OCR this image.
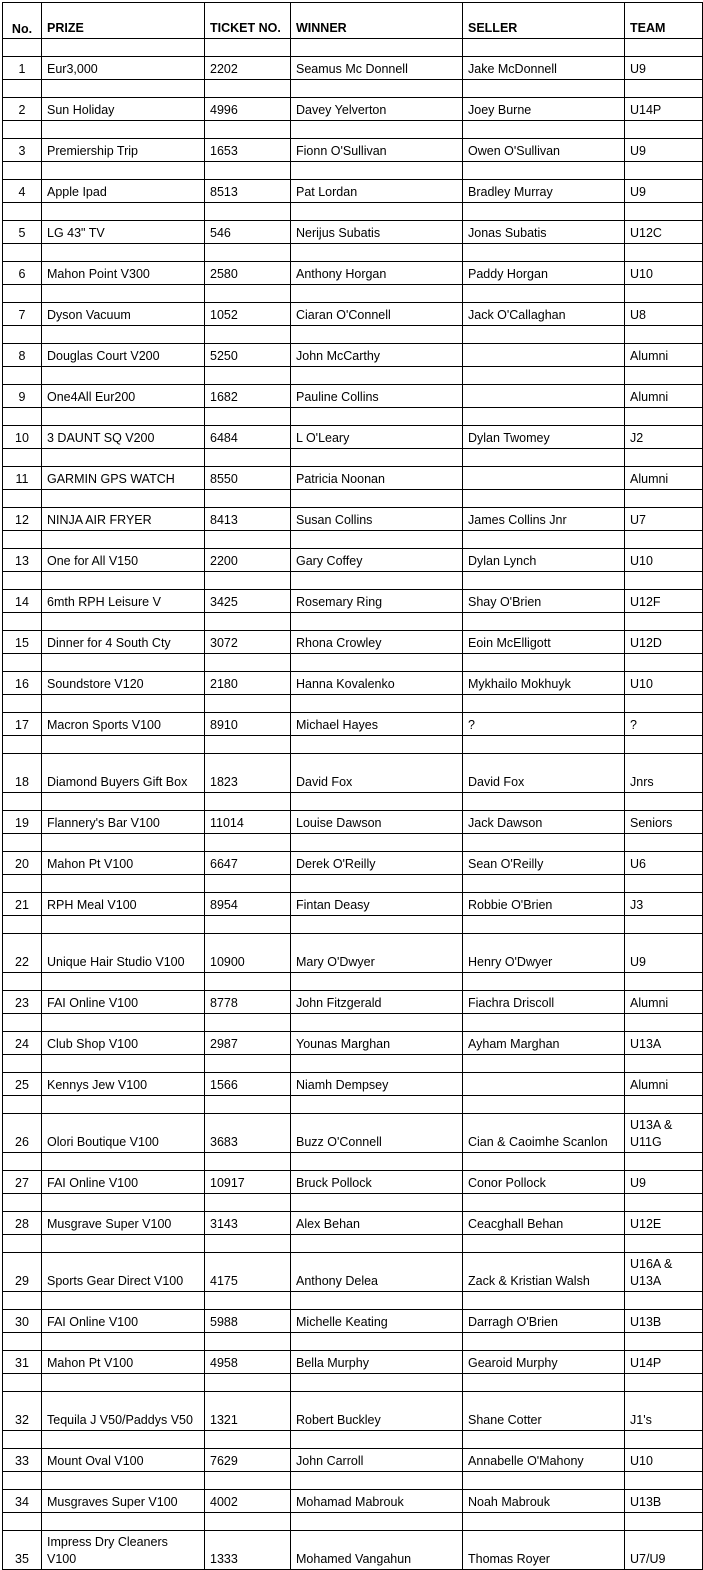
No.	PRIZE	TICKET NO.	WINNER	SELLER	TEAM

1	Eur3,000	2202	Seamus Mc Donnell	Jake McDonnell	U9

2	Sun Holiday	4996	Davey Yelverton	Joey Burne	U14P

3	Premiership Trip	1653	Fionn O'Sullivan	Owen O'Sullivan	U9

4	Apple Ipad	8513	Pat Lordan	Bradley Murray	U9

5	LG 43" TV	546	Nerijus Subatis	Jonas Subatis	U12C

6	Mahon Point V300	2580	Anthony Horgan	Paddy Horgan	U10

7	Dyson Vacuum	1052	Ciaran O'Connell	Jack O'Callaghan	U8

8	Douglas Court V200	5250	John McCarthy		Alumni

9	One4All Eur200	1682	Pauline Collins		Alumni

10	3 DAUNT SQ V200	6484	L O'Leary	Dylan Twomey	J2

11	GARMIN GPS WATCH	8550	Patricia Noonan		Alumni

12	NINJA AIR FRYER	8413	Susan Collins	James Collins Jnr	U7

13	One for All V150	2200	Gary Coffey	Dylan Lynch	U10

14	6mth RPH Leisure V	3425	Rosemary Ring	Shay O'Brien	U12F

15	Dinner for 4 South Cty	3072	Rhona Crowley	Eoin McElligott	U12D

16	Soundstore V120	2180	Hanna Kovalenko	Mykhailo Mokhuyk	U10

17	Macron Sports V100	8910	Michael Hayes	?	?

18	Diamond Buyers Gift Box	1823	David Fox	David Fox	Jnrs

19	Flannery's Bar V100	11014	Louise Dawson	Jack Dawson	Seniors

20	Mahon Pt V100	6647	Derek O'Reilly	Sean O'Reilly	U6

21	RPH Meal V100	8954	Fintan Deasy	Robbie O'Brien	J3

22	Unique Hair Studio V100	10900	Mary O'Dwyer	Henry O'Dwyer	U9

23	FAI Online V100	8778	John Fitzgerald	Fiachra Driscoll	Alumni

24	Club Shop V100	2987	Younas Marghan	Ayham Marghan	U13A

25	Kennys Jew V100	1566	Niamh Dempsey		Alumni

26	Olori Boutique V100	3683	Buzz O'Connell	Cian & Caoimhe Scanlon	U13A & U11G

27	FAI Online V100	10917	Bruck Pollock	Conor Pollock	U9

28	Musgrave Super V100	3143	Alex Behan	Ceacghall Behan	U12E

29	Sports Gear Direct V100	4175	Anthony Delea	Zack & Kristian Walsh	U16A & U13A

30	FAI Online V100	5988	Michelle Keating	Darragh O'Brien	U13B

31	Mahon Pt V100	4958	Bella Murphy	Gearoid Murphy	U14P

32	Tequila J V50/Paddys V50	1321	Robert Buckley	Shane Cotter	J1's

33	Mount Oval V100	7629	John Carroll	Annabelle O'Mahony	U10

34	Musgraves Super V100	4002	Mohamad Mabrouk	Noah Mabrouk	U13B

35	Impress Dry Cleaners V100	1333	Mohamed Vangahun	Thomas Royer	U7/U9
